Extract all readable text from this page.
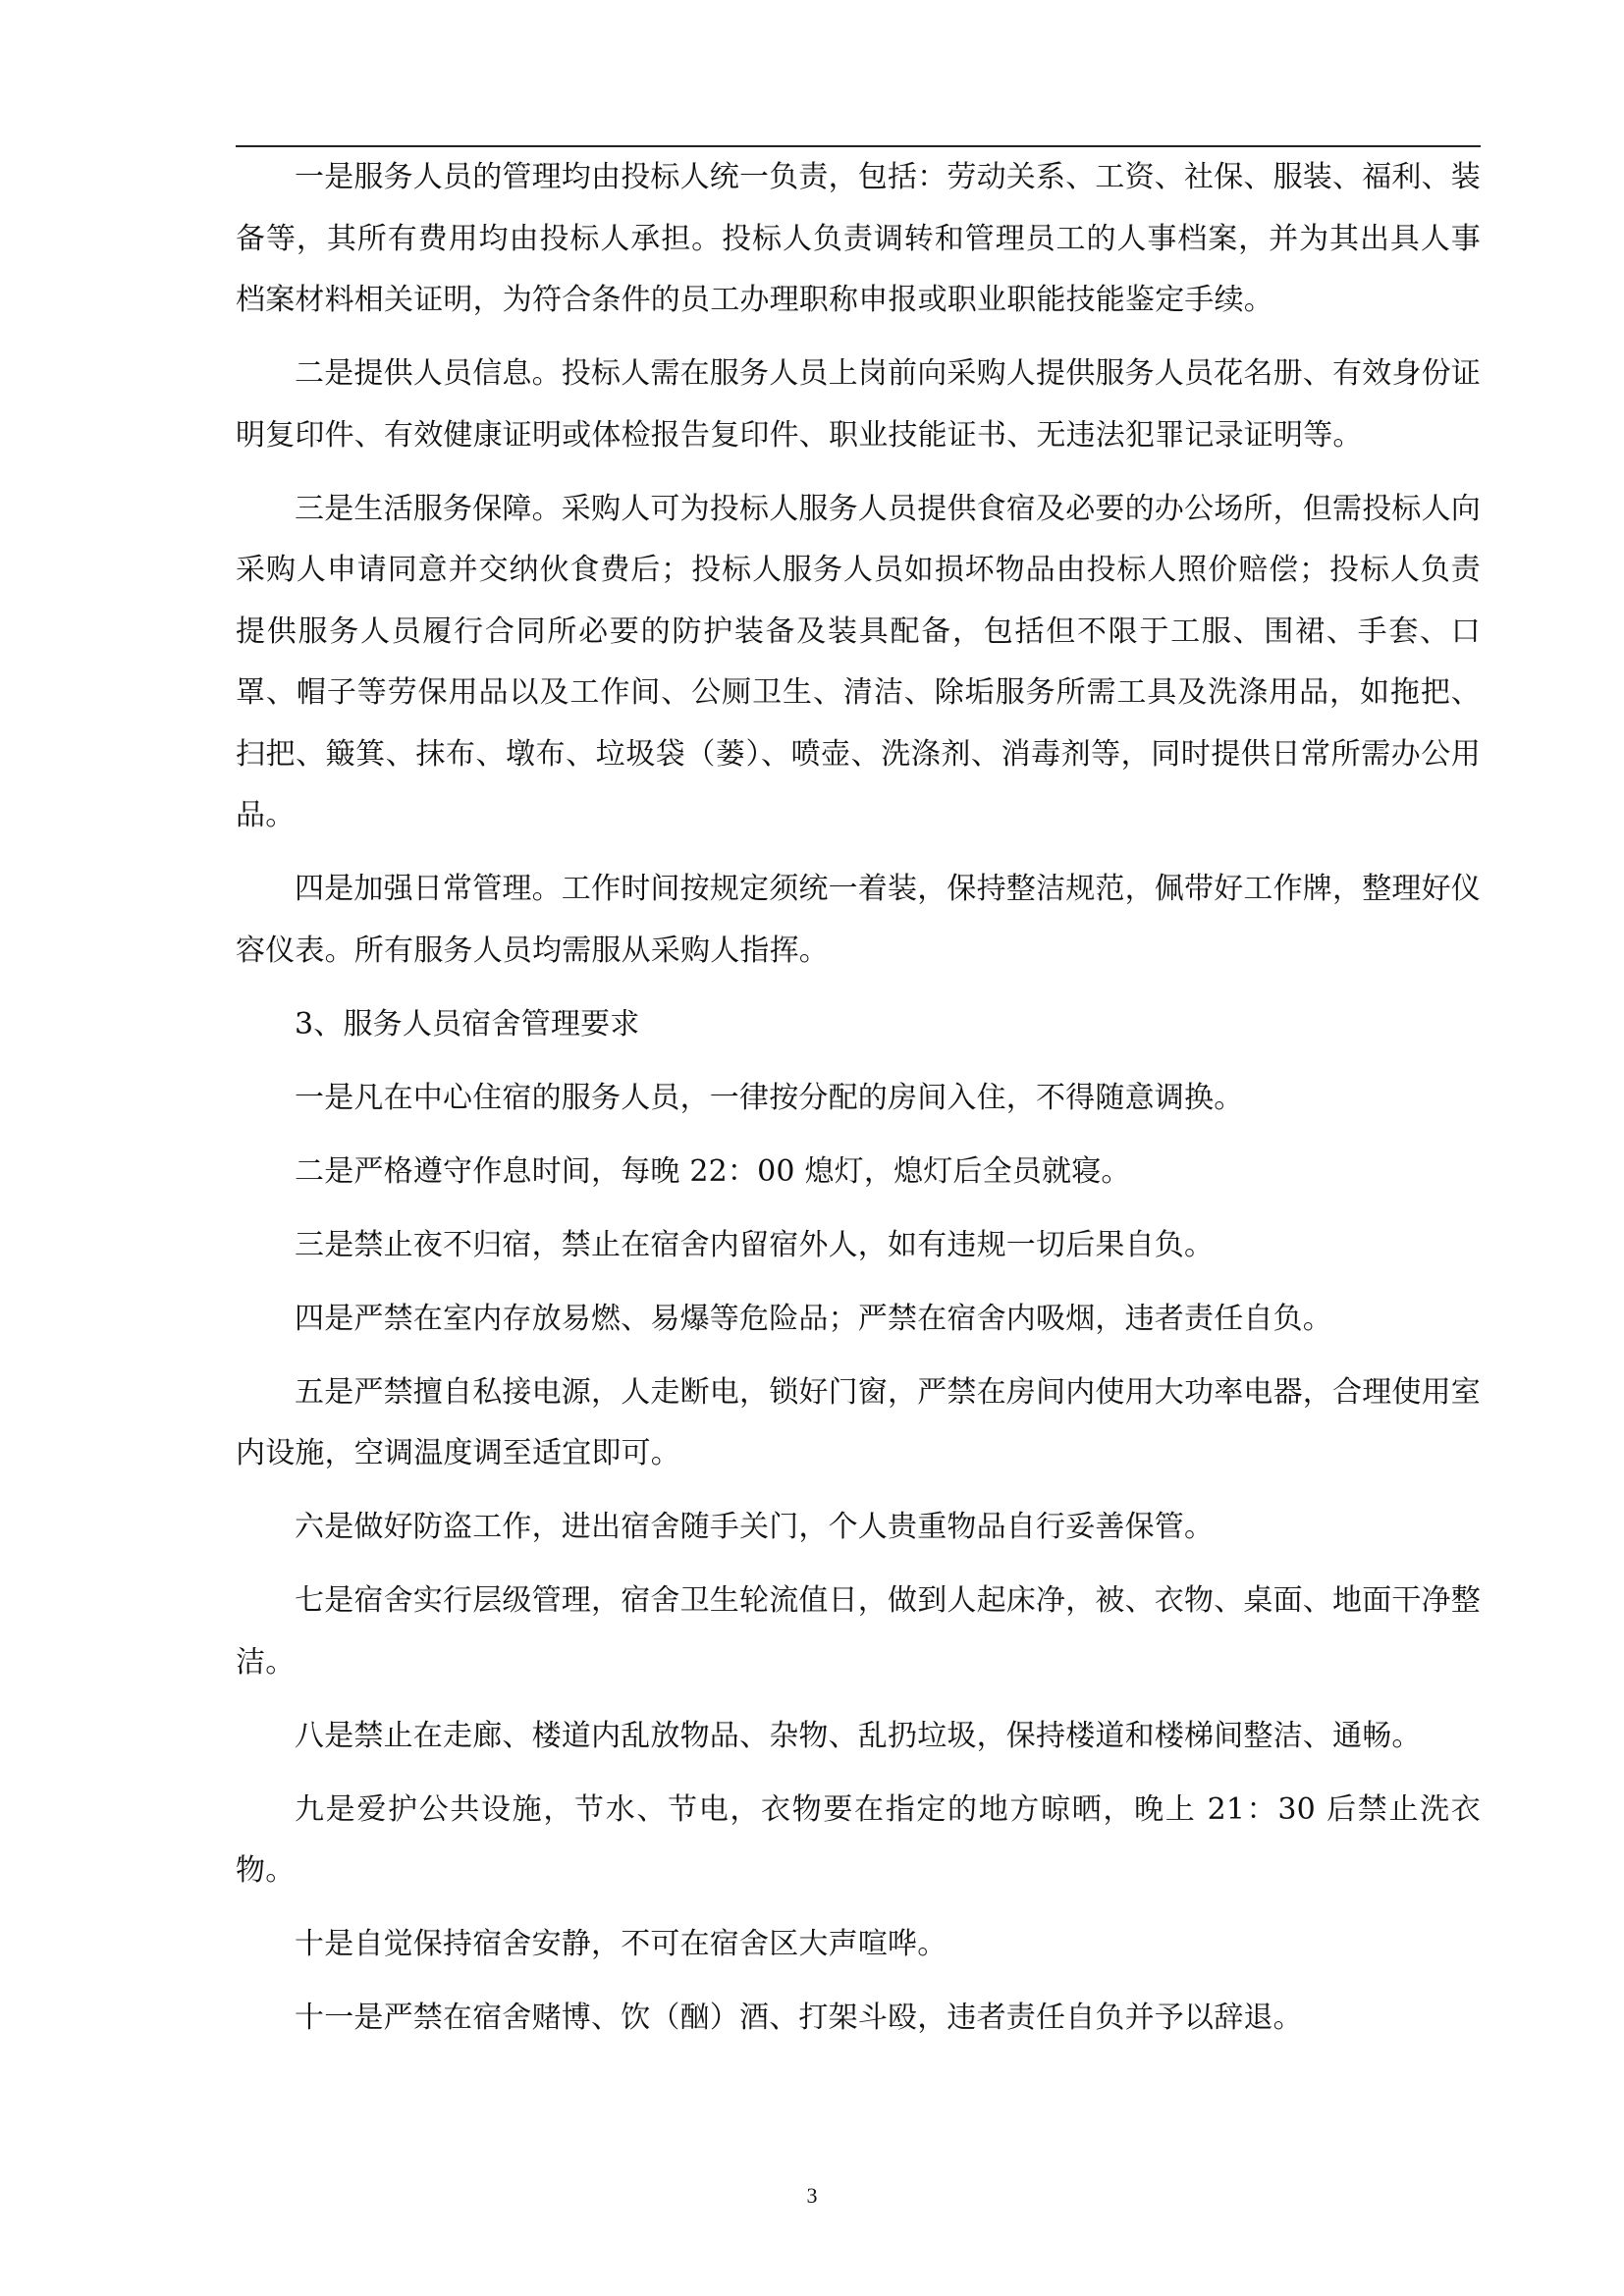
一是服务人员的管理均由投标人统一负责，包括：劳动关系、工资、社保、服装、福利、装备等，其所有费用均由投标人承担。投标人负责调转和管理员工的人事档案，并为其出具人事档案材料相关证明，为符合条件的员工办理职称申报或职业职能技能鉴定手续。

二是提供人员信息。投标人需在服务人员上岗前向采购人提供服务人员花名册、有效身份证明复印件、有效健康证明或体检报告复印件、职业技能证书、无违法犯罪记录证明等。

三是生活服务保障。采购人可为投标人服务人员提供食宿及必要的办公场所，但需投标人向采购人申请同意并交纳伙食费后；投标人服务人员如损坏物品由投标人照价赔偿；投标人负责提供服务人员履行合同所必要的防护装备及装具配备，包括但不限于工服、围裙、手套、口罩、帽子等劳保用品以及工作间、公厕卫生、清洁、除垢服务所需工具及洗涤用品，如拖把、扫把、簸箕、抹布、墩布、垃圾袋（蒌）、喷壶、洗涤剂、消毒剂等，同时提供日常所需办公用品。

四是加强日常管理。工作时间按规定须统一着装，保持整洁规范，佩带好工作牌，整理好仪容仪表。所有服务人员均需服从采购人指挥。

3、服务人员宿舍管理要求

一是凡在中心住宿的服务人员，一律按分配的房间入住，不得随意调换。

二是严格遵守作息时间，每晚 22：00 熄灯，熄灯后全员就寝。

三是禁止夜不归宿，禁止在宿舍内留宿外人，如有违规一切后果自负。

四是严禁在室内存放易燃、易爆等危险品；严禁在宿舍内吸烟，违者责任自负。

五是严禁擅自私接电源，人走断电，锁好门窗，严禁在房间内使用大功率电器，合理使用室内设施，空调温度调至适宜即可。

六是做好防盗工作，进出宿舍随手关门，个人贵重物品自行妥善保管。

七是宿舍实行层级管理，宿舍卫生轮流值日，做到人起床净，被、衣物、桌面、地面干净整洁。

八是禁止在走廊、楼道内乱放物品、杂物、乱扔垃圾，保持楼道和楼梯间整洁、通畅。

九是爱护公共设施，节水、节电，衣物要在指定的地方晾晒，晚上 21：30 后禁止洗衣物。

十是自觉保持宿舍安静，不可在宿舍区大声喧哗。

十一是严禁在宿舍赌博、饮（酗）酒、打架斗殴，违者责任自负并予以辞退。

3
